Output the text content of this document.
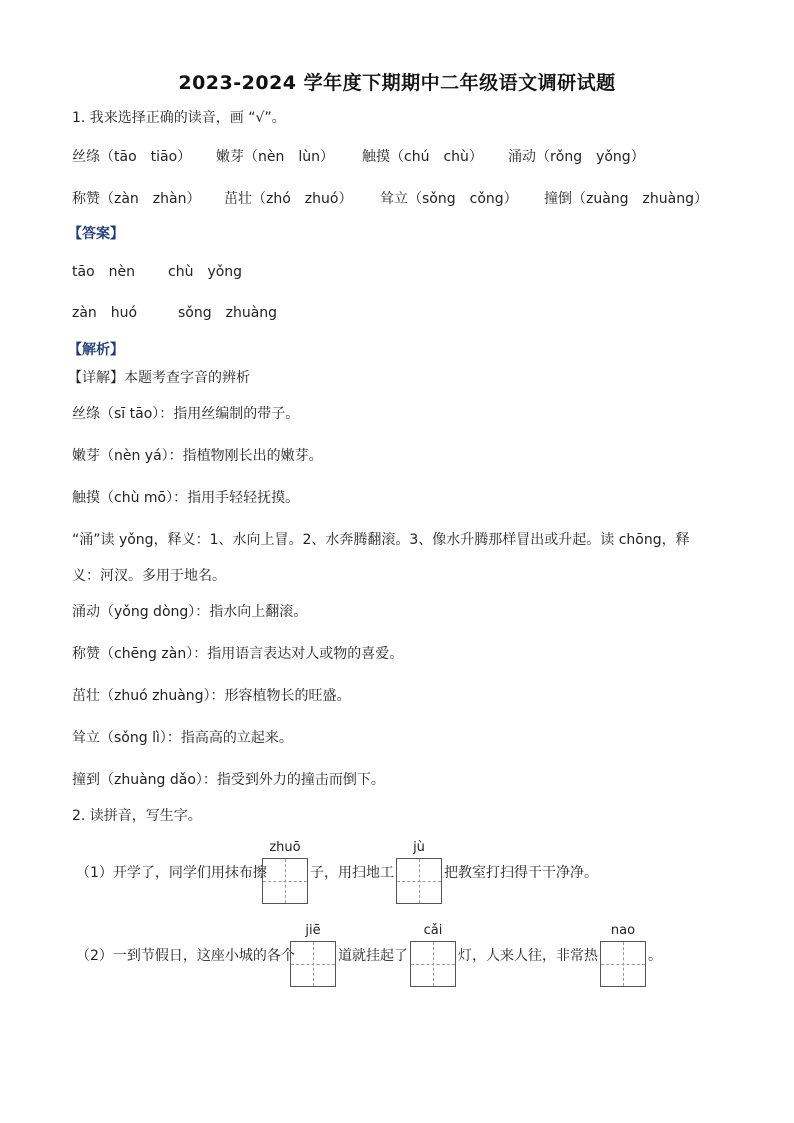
2023-2024 学年度下期期中二年级语文调研试题
1. 我来选择正确的读音，画 “√”。
丝绦（tāo　tiāo） 嫩芽（nèn　lùn） 触摸（chú　chù） 涌动（rǒng　yǒng）
称赞（zàn　zhàn） 茁壮（zhó　zhuó） 耸立（sǒng　cǒng） 撞倒（zuàng　zhuàng）
【答案】
tāo　nèn chù　yǒng
zàn　huó	sǒng　zhuàng
【解析】
【详解】本题考查字音的辨析
丝绦（sī tāo）：指用丝编制的带子。
嫩芽（nèn yá）：指植物刚长出的嫩芽。
触摸（chù mō）：指用手轻轻抚摸。
“涌”读 yǒng，释义：1、水向上冒。2、水奔腾翻滚。3、像水升腾那样冒出或升起。读 chōng，释
义：河汊。多用于地名。
涌动（yǒng dòng）：指水向上翻滚。
称赞（chēng zàn）：指用语言表达对人或物的喜爱。
茁壮（zhuó zhuàng）：形容植物长的旺盛。
耸立（sǒng lì）：指高高的立起来。
撞到（zhuàng dǎo）：指受到外力的撞击而倒下。
2. 读拼音，写生字。
（1）开学了，同学们用抹布擦
zhuō
子，用扫地工
jù
把教室打扫得干干净净。
（2）一到节假日，这座小城的各个
jiē
道就挂起了
cǎi
灯，人来人往，非常热
nao
。
